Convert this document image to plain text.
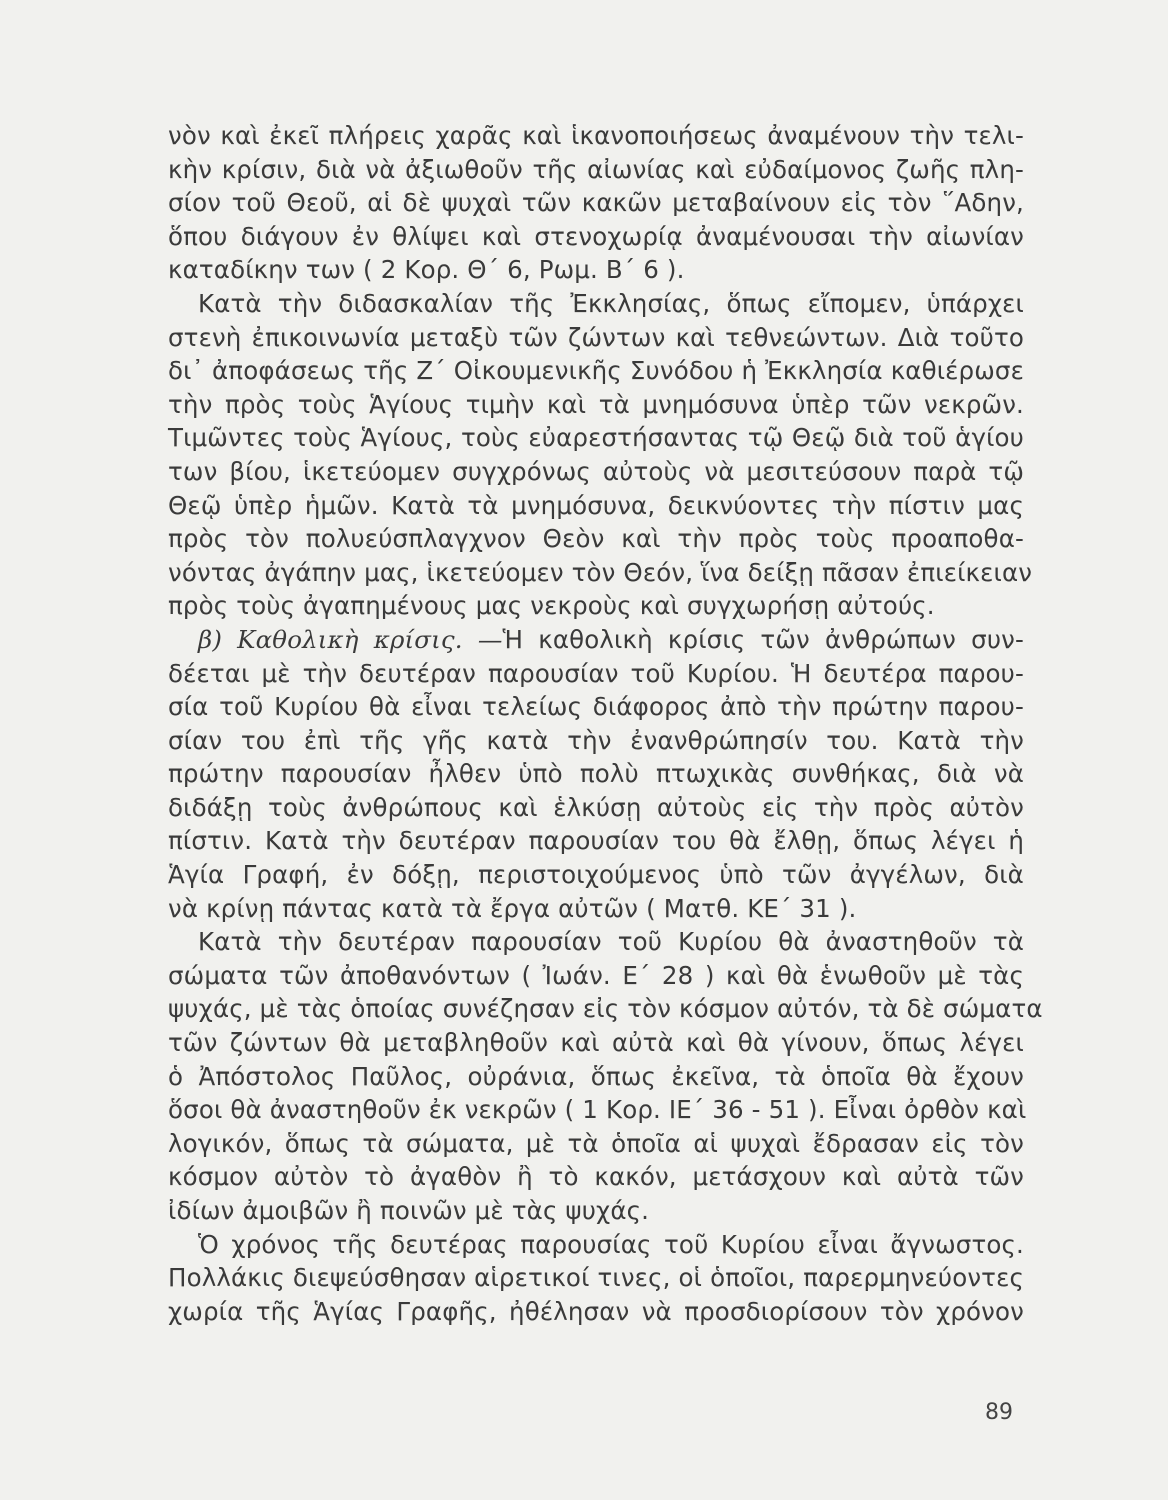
νὸν καὶ ἐκεῖ πλήρεις χαρᾶς καὶ ἱκανοποιήσεως ἀναμένουν τὴν τελι-
κὴν κρίσιν, διὰ νὰ ἀξιωθοῦν τῆς αἰωνίας καὶ εὐδαίμονος ζωῆς πλη-
σίον τοῦ Θεοῦ, αἱ δὲ ψυχαὶ τῶν κακῶν μεταβαίνουν εἰς τὸν ῞Αδην,
ὅπου διάγουν ἐν θλίψει καὶ στενοχωρίᾳ ἀναμένουσαι τὴν αἰωνίαν
καταδίκην των ( 2 Κορ. Θ΄ 6, Ρωμ. Β΄ 6 ).
Κατὰ τὴν διδασκαλίαν τῆς Ἐκκλησίας, ὅπως εἴπομεν, ὑπάρχει
στενὴ ἐπικοινωνία μεταξὺ τῶν ζώντων καὶ τεθνεώντων. Διὰ τοῦτο
δι᾽ ἀποφάσεως τῆς Ζ΄ Οἰκουμενικῆς Συνόδου ἡ Ἐκκλησία καθιέρωσε
τὴν πρὸς τοὺς Ἁγίους τιμὴν καὶ τὰ μνημόσυνα ὑπὲρ τῶν νεκρῶν.
Τιμῶντες τοὺς Ἁγίους, τοὺς εὐαρεστήσαντας τῷ Θεῷ διὰ τοῦ ἁγίου
των βίου, ἱκετεύομεν συγχρόνως αὐτοὺς νὰ μεσιτεύσουν παρὰ τῷ
Θεῷ ὑπὲρ ἡμῶν. Κατὰ τὰ μνημόσυνα, δεικνύοντες τὴν πίστιν μας
πρὸς τὸν πολυεύσπλαγχνον Θεὸν καὶ τὴν πρὸς τοὺς προαποθα-
νόντας ἀγάπην μας, ἱκετεύομεν τὸν Θεόν, ἵνα δείξῃ πᾶσαν ἐπιείκειαν
πρὸς τοὺς ἀγαπημένους μας νεκροὺς καὶ συγχωρήσῃ αὐτούς.
β) Καθολικὴ κρίσις. —Ἡ καθολικὴ κρίσις τῶν ἀνθρώπων συν-
δέεται μὲ τὴν δευτέραν παρουσίαν τοῦ Κυρίου. Ἡ δευτέρα παρου-
σία τοῦ Κυρίου θὰ εἶναι τελείως διάφορος ἀπὸ τὴν πρώτην παρου-
σίαν του ἐπὶ τῆς γῆς κατὰ τὴν ἐνανθρώπησίν του. Κατὰ τὴν
πρώτην παρουσίαν ἦλθεν ὑπὸ πολὺ πτωχικὰς συνθήκας, διὰ νὰ
διδάξῃ τοὺς ἀνθρώπους καὶ ἑλκύσῃ αὐτοὺς εἰς τὴν πρὸς αὐτὸν
πίστιν. Κατὰ τὴν δευτέραν παρουσίαν του θὰ ἔλθῃ, ὅπως λέγει ἡ
Ἁγία Γραφή, ἐν δόξῃ, περιστοιχούμενος ὑπὸ τῶν ἀγγέλων, διὰ
νὰ κρίνῃ πάντας κατὰ τὰ ἔργα αὐτῶν ( Ματθ. ΚΕ΄ 31 ).
Κατὰ τὴν δευτέραν παρουσίαν τοῦ Κυρίου θὰ ἀναστηθοῦν τὰ
σώματα τῶν ἀποθανόντων ( Ἰωάν. Ε΄ 28 ) καὶ θὰ ἑνωθοῦν μὲ τὰς
ψυχάς, μὲ τὰς ὁποίας συνέζησαν εἰς τὸν κόσμον αὐτόν, τὰ δὲ σώματα
τῶν ζώντων θὰ μεταβληθοῦν καὶ αὐτὰ καὶ θὰ γίνουν, ὅπως λέγει
ὁ Ἀπόστολος Παῦλος, οὐράνια, ὅπως ἐκεῖνα, τὰ ὁποῖα θὰ ἔχουν
ὅσοι θὰ ἀναστηθοῦν ἐκ νεκρῶν ( 1 Κορ. ΙΕ΄ 36 - 51 ). Εἶναι ὀρθὸν καὶ
λογικόν, ὅπως τὰ σώματα, μὲ τὰ ὁποῖα αἱ ψυχαὶ ἔδρασαν εἰς τὸν
κόσμον αὐτὸν τὸ ἀγαθὸν ἢ τὸ κακόν, μετάσχουν καὶ αὐτὰ τῶν
ἰδίων ἀμοιβῶν ἢ ποινῶν μὲ τὰς ψυχάς.
Ὁ χρόνος τῆς δευτέρας παρουσίας τοῦ Κυρίου εἶναι ἄγνωστος.
Πολλάκις διεψεύσθησαν αἱρετικοί τινες, οἱ ὁποῖοι, παρερμηνεύοντες
χωρία τῆς Ἁγίας Γραφῆς, ἠθέλησαν νὰ προσδιορίσουν τὸν χρόνον
89
